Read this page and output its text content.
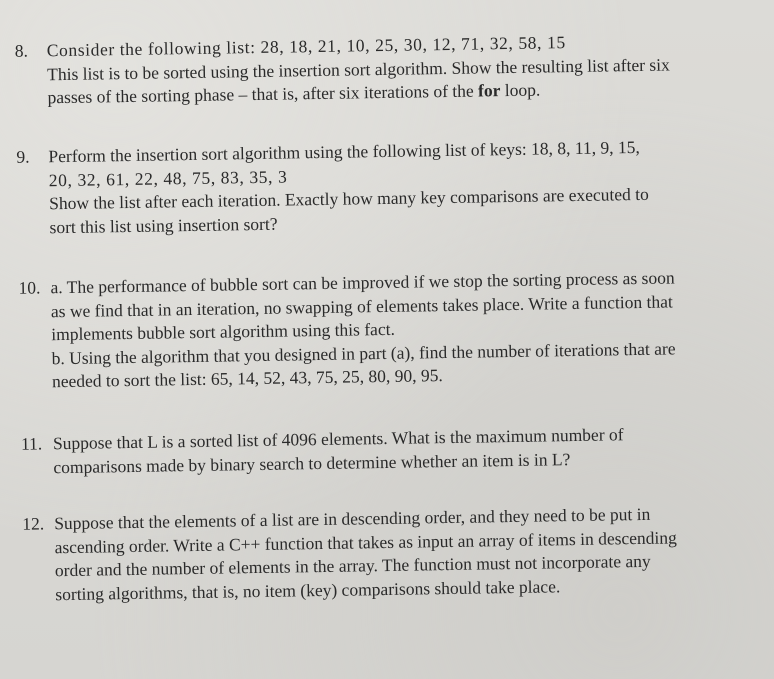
8. Consider the following list: 28, 18, 21, 10, 25, 30, 12, 71, 32, 58, 15
This list is to be sorted using the insertion sort algorithm. Show the resulting list after six
passes of the sorting phase – that is, after six iterations of the for loop.
9. Perform the insertion sort algorithm using the following list of keys: 18, 8, 11, 9, 15,
20, 32, 61, 22, 48, 75, 83, 35, 3
Show the list after each iteration. Exactly how many key comparisons are executed to
sort this list using insertion sort?
10. a. The performance of bubble sort can be improved if we stop the sorting process as soon
as we find that in an iteration, no swapping of elements takes place. Write a function that
implements bubble sort algorithm using this fact.
b. Using the algorithm that you designed in part (a), find the number of iterations that are
needed to sort the list: 65, 14, 52, 43, 75, 25, 80, 90, 95.
11. Suppose that L is a sorted list of 4096 elements. What is the maximum number of
comparisons made by binary search to determine whether an item is in L?
12. Suppose that the elements of a list are in descending order, and they need to be put in
ascending order. Write a C++ function that takes as input an array of items in descending
order and the number of elements in the array. The function must not incorporate any
sorting algorithms, that is, no item (key) comparisons should take place.
